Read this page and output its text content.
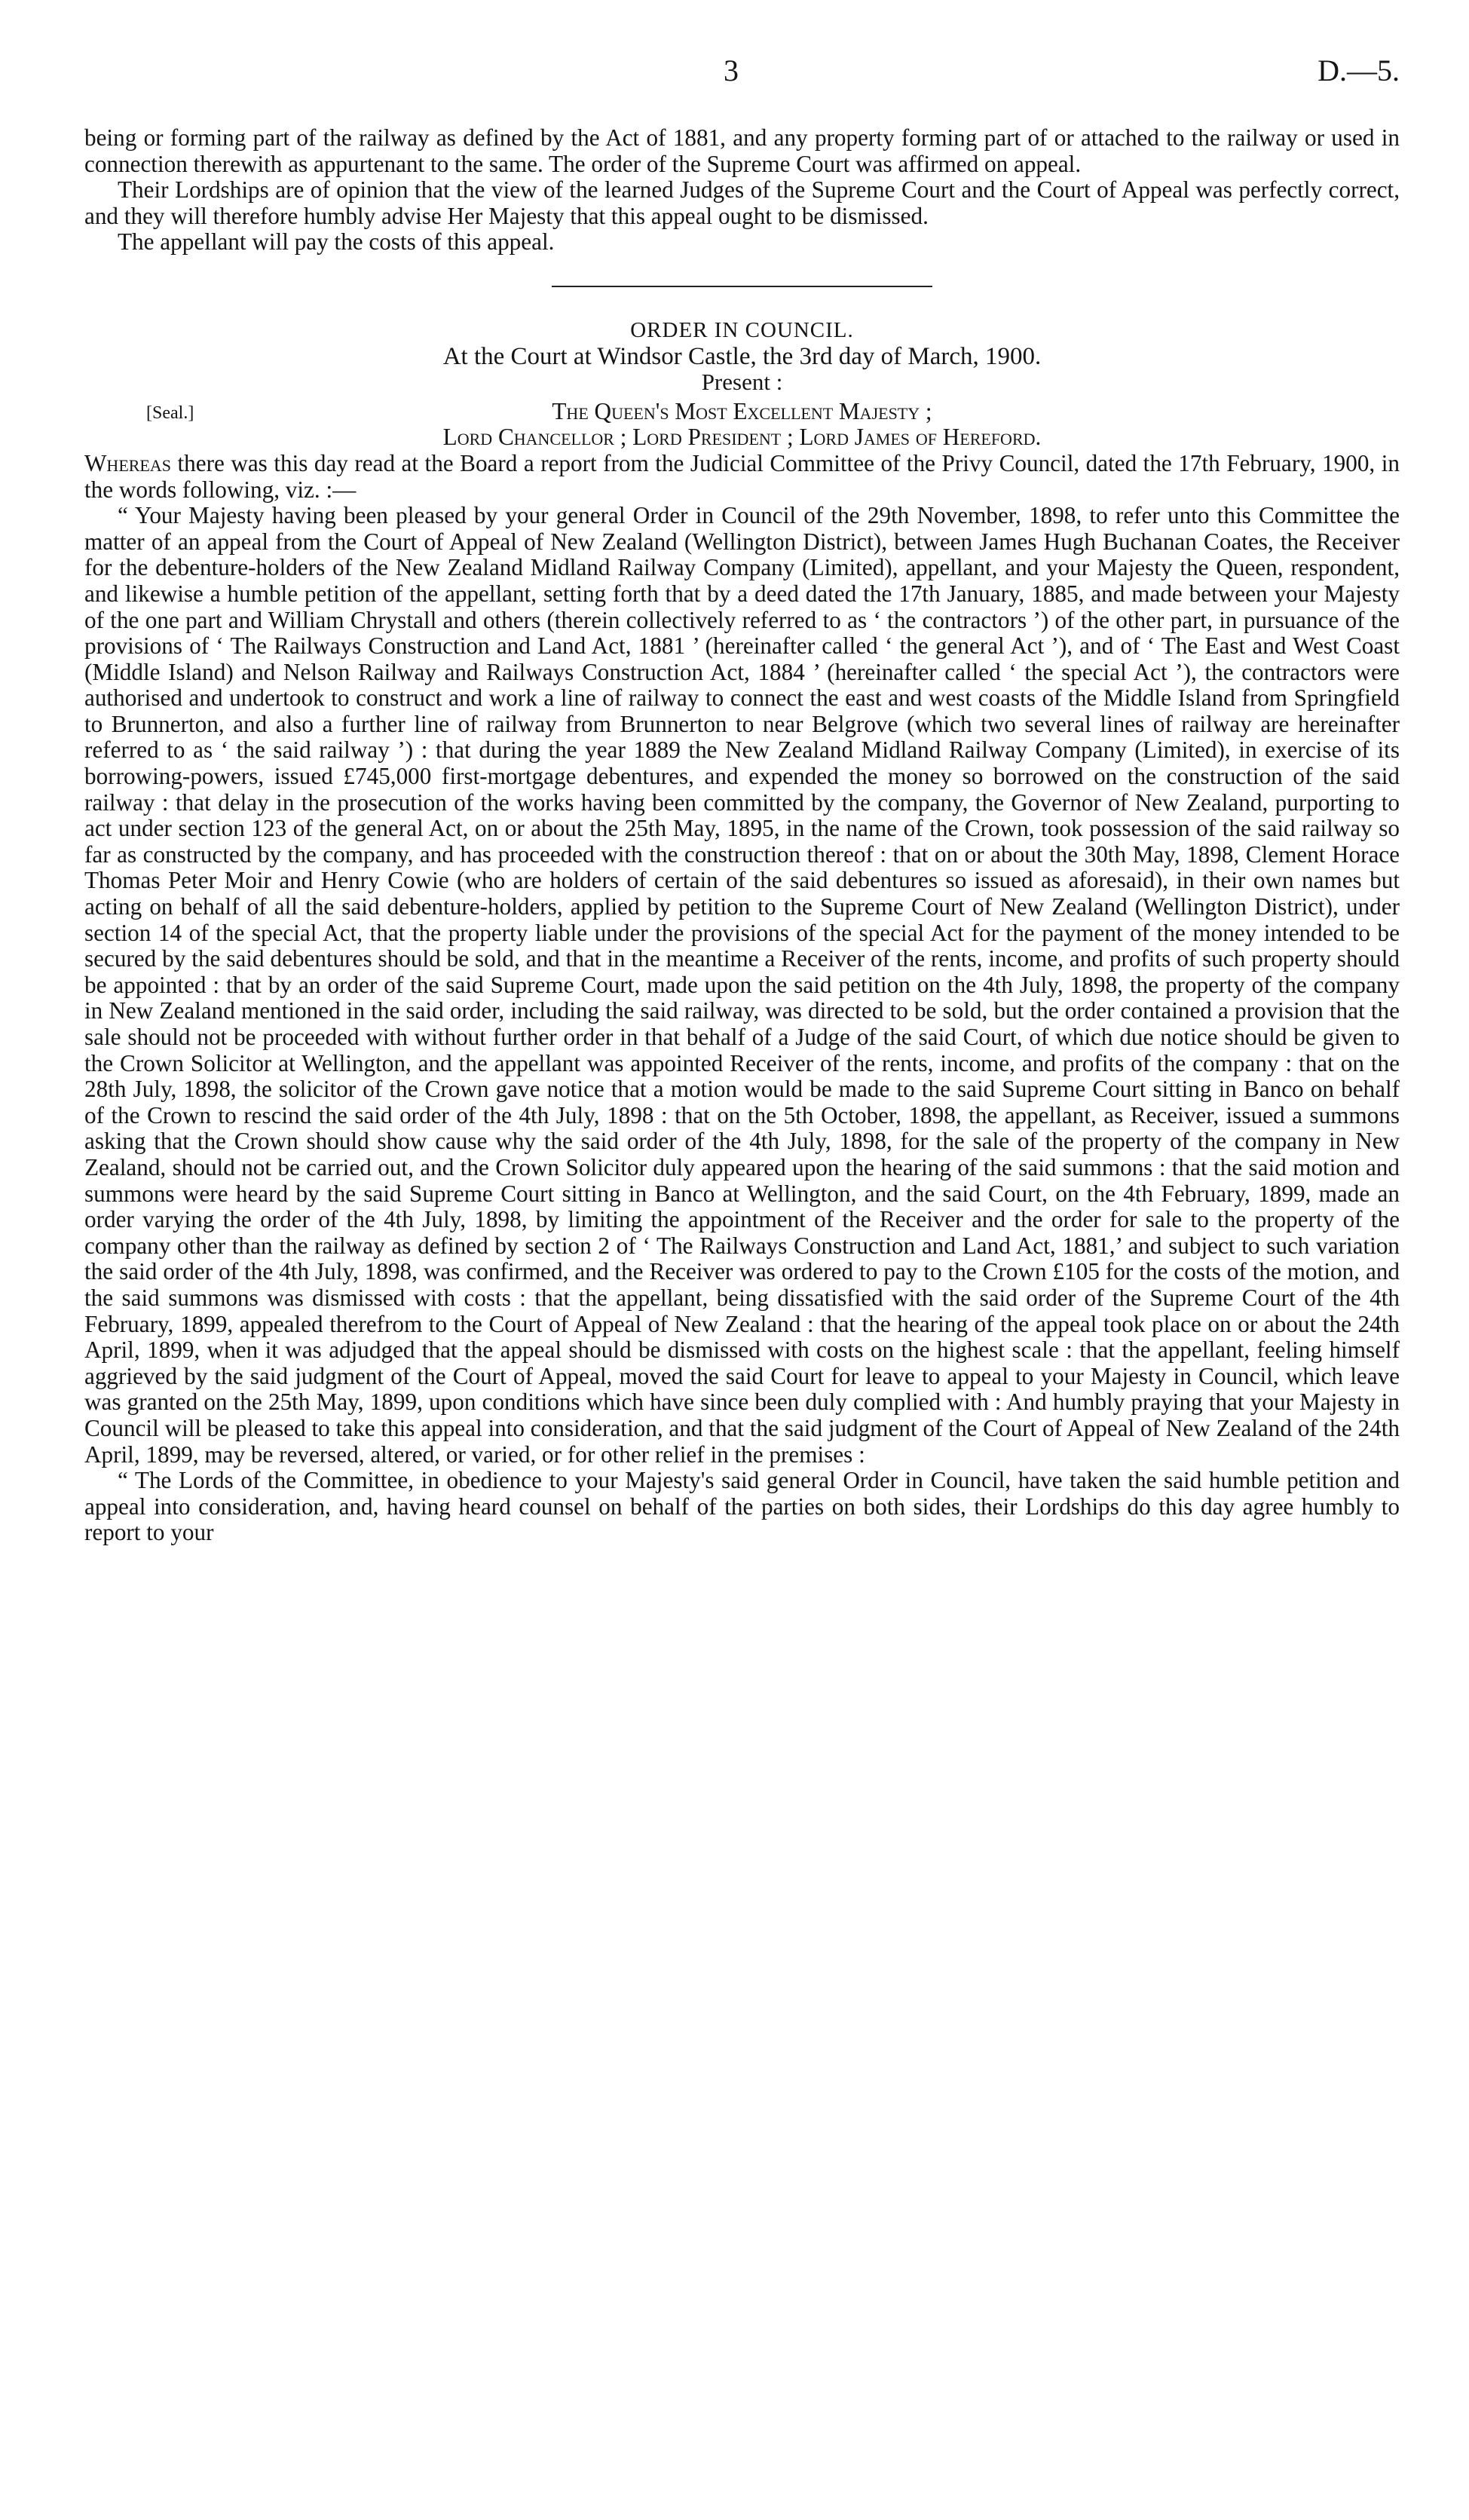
3	D.—5.

being or forming part of the railway as defined by the Act of 1881, and any property forming part of or attached to the railway or used in connection therewith as appurtenant to the same. The order of the Supreme Court was affirmed on appeal.

Their Lordships are of opinion that the view of the learned Judges of the Supreme Court and the Court of Appeal was perfectly correct, and they will therefore humbly advise Her Majesty that this appeal ought to be dismissed.

The appellant will pay the costs of this appeal.

ORDER IN COUNCIL.

At the Court at Windsor Castle, the 3rd day of March, 1900.

Present :

[Seal.]	The Queen's Most Excellent Majesty ;

Lord Chancellor ; Lord President ; Lord James of Hereford.

Whereas there was this day read at the Board a report from the Judicial Committee of the Privy Council, dated the 17th February, 1900, in the words following, viz. :—

“ Your Majesty having been pleased by your general Order in Council of the 29th November, 1898, to refer unto this Committee the matter of an appeal from the Court of Appeal of New Zealand (Wellington District), between James Hugh Buchanan Coates, the Receiver for the debenture-holders of the New Zealand Midland Railway Company (Limited), appellant, and your Majesty the Queen, respondent, and likewise a humble petition of the appellant, setting forth that by a deed dated the 17th January, 1885, and made between your Majesty of the one part and William Chrystall and others (therein collectively referred to as ‘ the contractors ’) of the other part, in pursuance of the provisions of ‘ The Railways Construction and Land Act, 1881 ’ (hereinafter called ‘ the general Act ’), and of ‘ The East and West Coast (Middle Island) and Nelson Railway and Railways Construction Act, 1884 ’ (hereinafter called ‘ the special Act ’), the contractors were authorised and undertook to construct and work a line of railway to connect the east and west coasts of the Middle Island from Springfield to Brunnerton, and also a further line of railway from Brunnerton to near Belgrove (which two several lines of railway are hereinafter referred to as ‘ the said railway ’) : that during the year 1889 the New Zealand Midland Railway Company (Limited), in exercise of its borrowing-powers, issued £745,000 first-mortgage debentures, and expended the money so borrowed on the construction of the said railway : that delay in the prosecution of the works having been committed by the company, the Governor of New Zealand, purporting to act under section 123 of the general Act, on or about the 25th May, 1895, in the name of the Crown, took possession of the said railway so far as constructed by the company, and has proceeded with the construction thereof : that on or about the 30th May, 1898, Clement Horace Thomas Peter Moir and Henry Cowie (who are holders of certain of the said debentures so issued as aforesaid), in their own names but acting on behalf of all the said debenture-holders, applied by petition to the Supreme Court of New Zealand (Wellington District), under section 14 of the special Act, that the property liable under the provisions of the special Act for the payment of the money intended to be secured by the said debentures should be sold, and that in the meantime a Receiver of the rents, income, and profits of such property should be appointed : that by an order of the said Supreme Court, made upon the said petition on the 4th July, 1898, the property of the company in New Zealand mentioned in the said order, including the said railway, was directed to be sold, but the order contained a provision that the sale should not be proceeded with without further order in that behalf of a Judge of the said Court, of which due notice should be given to the Crown Solicitor at Wellington, and the appellant was appointed Receiver of the rents, income, and profits of the company : that on the 28th July, 1898, the solicitor of the Crown gave notice that a motion would be made to the said Supreme Court sitting in Banco on behalf of the Crown to rescind the said order of the 4th July, 1898 : that on the 5th October, 1898, the appellant, as Receiver, issued a summons asking that the Crown should show cause why the said order of the 4th July, 1898, for the sale of the property of the company in New Zealand, should not be carried out, and the Crown Solicitor duly appeared upon the hearing of the said summons : that the said motion and summons were heard by the said Supreme Court sitting in Banco at Wellington, and the said Court, on the 4th February, 1899, made an order varying the order of the 4th July, 1898, by limiting the appointment of the Receiver and the order for sale to the property of the company other than the railway as defined by section 2 of ‘ The Railways Construction and Land Act, 1881,’ and subject to such variation the said order of the 4th July, 1898, was confirmed, and the Receiver was ordered to pay to the Crown £105 for the costs of the motion, and the said summons was dismissed with costs : that the appellant, being dissatisfied with the said order of the Supreme Court of the 4th February, 1899, appealed therefrom to the Court of Appeal of New Zealand : that the hearing of the appeal took place on or about the 24th April, 1899, when it was adjudged that the appeal should be dismissed with costs on the highest scale : that the appellant, feeling himself aggrieved by the said judgment of the Court of Appeal, moved the said Court for leave to appeal to your Majesty in Council, which leave was granted on the 25th May, 1899, upon conditions which have since been duly complied with : And humbly praying that your Majesty in Council will be pleased to take this appeal into consideration, and that the said judgment of the Court of Appeal of New Zealand of the 24th April, 1899, may be reversed, altered, or varied, or for other relief in the premises :

“ The Lords of the Committee, in obedience to your Majesty's said general Order in Council, have taken the said humble petition and appeal into consideration, and, having heard counsel on behalf of the parties on both sides, their Lordships do this day agree humbly to report to your
